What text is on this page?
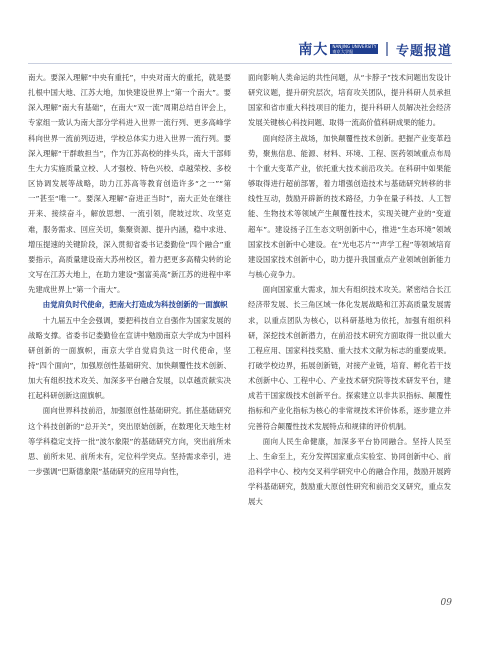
南大 NANJING UNIVERSITY
南京大学报	专题报道

南大。要深入理解“中央有重托”，中央对南大的重托，就是要扎根中国大地、江苏大地，加快建设世界上“第一个南大”。要深入理解“南大有基础”，在南大“双一流”周期总结自评会上，专家组一致认为南大部分学科进入世界一流行列、更多高峰学科向世界一流前列迈进，学校总体实力进入世界一流行列。要深入理解“干群敢担当”，作为江苏高校的排头兵，南大干部师生大力实施质量立校、人才强校、特色兴校、卓越荣校、多校区协调发展等战略，助力江苏高等教育创造许多“之一”“第一”甚至“唯一”。要深入理解“奋进正当时”，南大正处在继往开来、接续奋斗，解放思想、一流引领，爬坡过坎、攻坚克难，服务需求、回应关切，集聚资源、提升内涵，稳中求进、增压提速的关键阶段，深入贯彻省委书记娄勤俭“四个融合”重要指示，高质量建设南大苏州校区，着力把更多高精尖转的论文写在江苏大地上，在助力建设“强富美高”新江苏的进程中率先建成世界上“第一个南大”。

由觉肩负时代使命，把南大打造成为科技创新的一面旗帜

十九届五中全会强调，要把科技自立自强作为国家发展的战略支撑。省委书记娄勤俭在宣讲中勉励南京大学成为中国科研创新的一面旗帜，南京大学自觉肩负这一时代使命，坚持“四个面向”，加强原创性基础研究、加快颠覆性技术创新、加大有组织技术攻关、加深多平台融合发展，以卓越贡献实决扛起科研创新这面旗帜。

面向世界科技前沿，加强原创性基础研究。抓住基础研究这个科技创新的“总开关”，突出原始创新，在数理化天地生材等学科稳定支持一批“波尔象限”的基础研究方向，突出前所未思、前所未见、前所未有，定位科学突点。坚持需求牵引，进一步强调“巴斯德象限”基础研究的应用导向性，

面向影响人类命运的共性问题，从“卡脖子”技术问题出发设计研究议题，提升研究层次，培育攻关团队，提升科研人员承担国家和省市重大科技项目的能力，提升科研人员解决社会经济发展关键核心科技问题、取得一流高价值科研成果的能力。

面向经济主战场，加快颠覆性技术创新。把握产业变革趋势，聚焦信息、能源、材料、环境、工程、医药领域重点布局十个重大变革产业，依托重大技术前沿攻关。在科研中如果能够取得进行超前部署，着力增强创造技术与基础研究转移的非线性互动，鼓励开辟新的技术路径，力争在量子科技、人工智能、生物技术等领域产生颠覆性技术，实现关键产业的“变道超车”。建设扬子江生态文明创新中心，推进“生态环境”领域国家技术创新中心建设。在“光电芯片”“声学工程”等领域培育建设国家技术创新中心，助力提升我国重点产业领域创新能力与核心竞争力。

面向国家重大需求，加大有组织技术攻关。紧密结合长江经济带发展、长三角区域一体化发展战略和江苏高质量发展需求，以重点团队为核心，以科研基地为依托，加强有组织科研，深挖技术创新潜力，在前沿技术研究方面取得一批以重大工程应用、国家科技奖励、重大技术文献为标志的重要成果。打破学校边界，拓展创新链，对接产业链，培育、孵化若干技术创新中心、工程中心、产业技术研究院等技术研发平台，建成若干国家级技术创新平台。探索建立以非共识指标、颠覆性指标和产业化指标为核心的非常规技术评价体系，逐步建立并完善符合颠覆性技术发展特点和规律的评价机制。

面向人民生命健康，加深多平台协同融合。坚持人民至上、生命至上，充分发挥国家重点实验室、协同创新中心、前沿科学中心、校内交叉科学研究中心的融合作用，鼓励开展跨学科基础研究，鼓励重大原创性研究和前沿交叉研究，重点发展大

09
